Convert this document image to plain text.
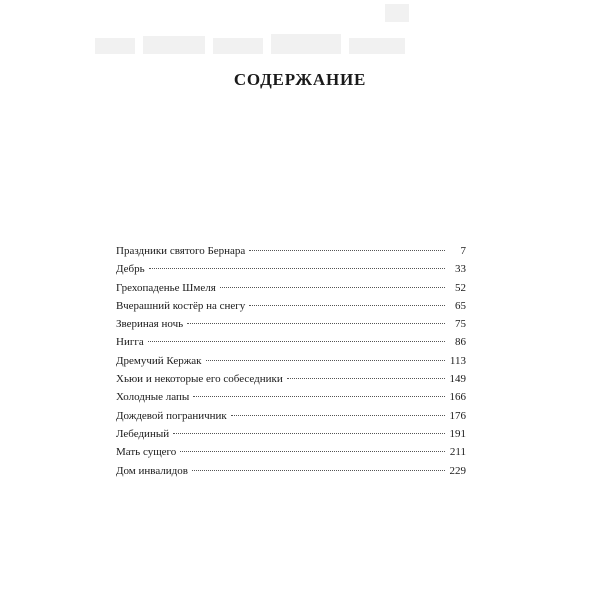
СОДЕРЖАНИЕ
Праздники святого Бернара	7
Дебрь	33
Грехопаденье Шмеля	52
Вчерашний костёр на снегу	65
Звериная ночь	75
Нигга	86
Дремучий Кержак	113
Хьюи и некоторые его собеседники	149
Холодные лапы	166
Дождевой пограничник	176
Лебединый	191
Мать сущего	211
Дом инвалидов	229
